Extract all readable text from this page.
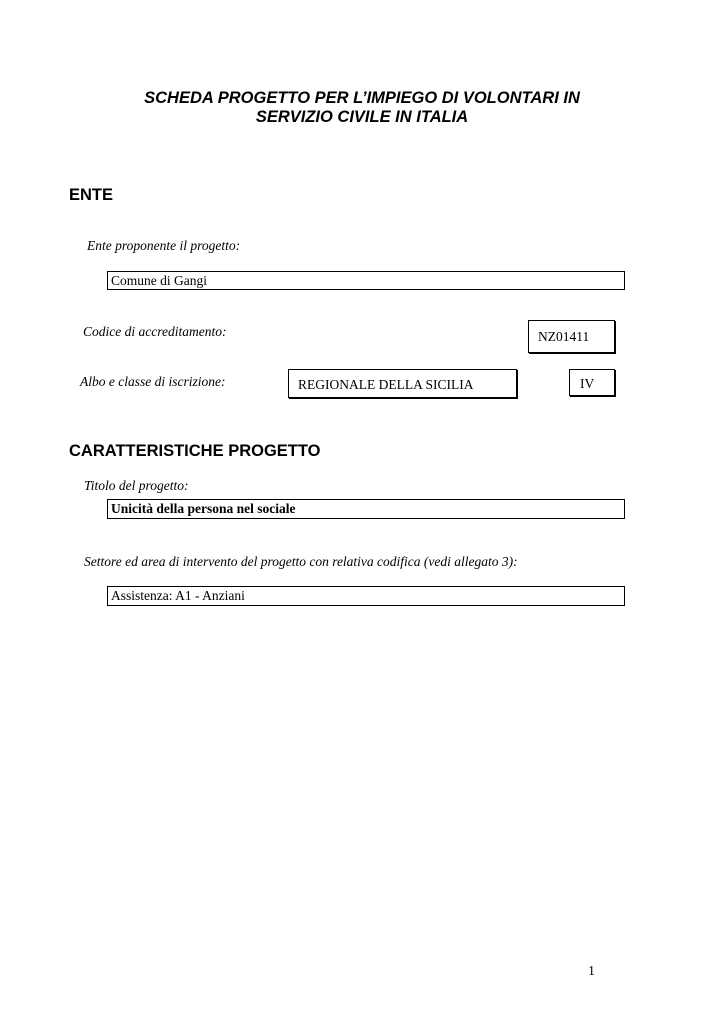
SCHEDA PROGETTO PER L’IMPIEGO DI VOLONTARI IN
SERVIZIO CIVILE IN ITALIA
ENTE
Ente proponente il progetto:
Comune di Gangi
Codice di accreditamento:	NZ01411
Albo e classe di iscrizione:	REGIONALE DELLA SICILIA	IV
CARATTERISTICHE PROGETTO
Titolo del progetto:
Unicità della persona nel sociale
Settore ed area di intervento del progetto con relativa codifica (vedi allegato 3):
Assistenza: A1 - Anziani
1
